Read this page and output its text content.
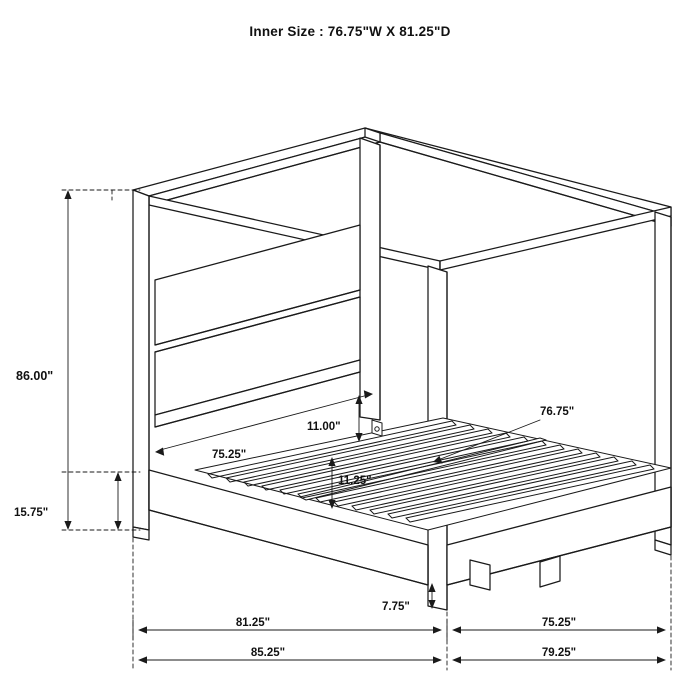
Inner Size : 76.75"W X 81.25"D
86.00"
15.75"
75.25"
11.00"
11.25"
76.75"
7.75"
81.25"	75.25"
85.25"	79.25"
